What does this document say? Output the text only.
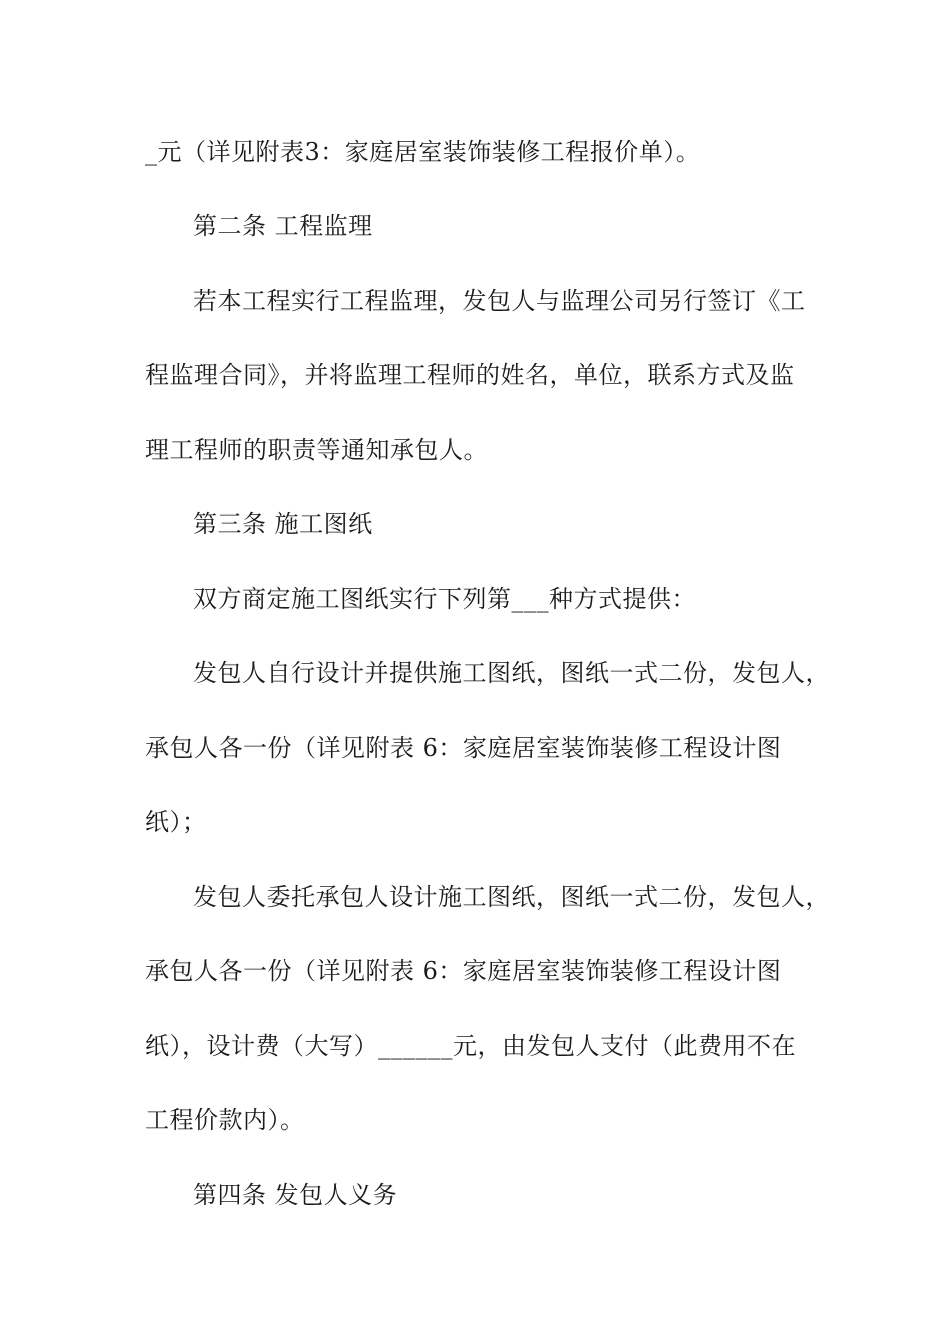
_元（详见附表3：家庭居室装饰装修工程报价单）。
第二条 工程监理
若本工程实行工程监理，发包人与监理公司另行签订《工
程监理合同》，并将监理工程师的姓名，单位，联系方式及监
理工程师的职责等通知承包人。
第三条 施工图纸
双方商定施工图纸实行下列第___种方式提供：
发包人自行设计并提供施工图纸，图纸一式二份，发包人，
承包人各一份（详见附表 6：家庭居室装饰装修工程设计图
纸）；
发包人委托承包人设计施工图纸，图纸一式二份，发包人，
承包人各一份（详见附表 6：家庭居室装饰装修工程设计图
纸），设计费（大写）______元，由发包人支付（此费用不在
工程价款内）。
第四条 发包人义务
